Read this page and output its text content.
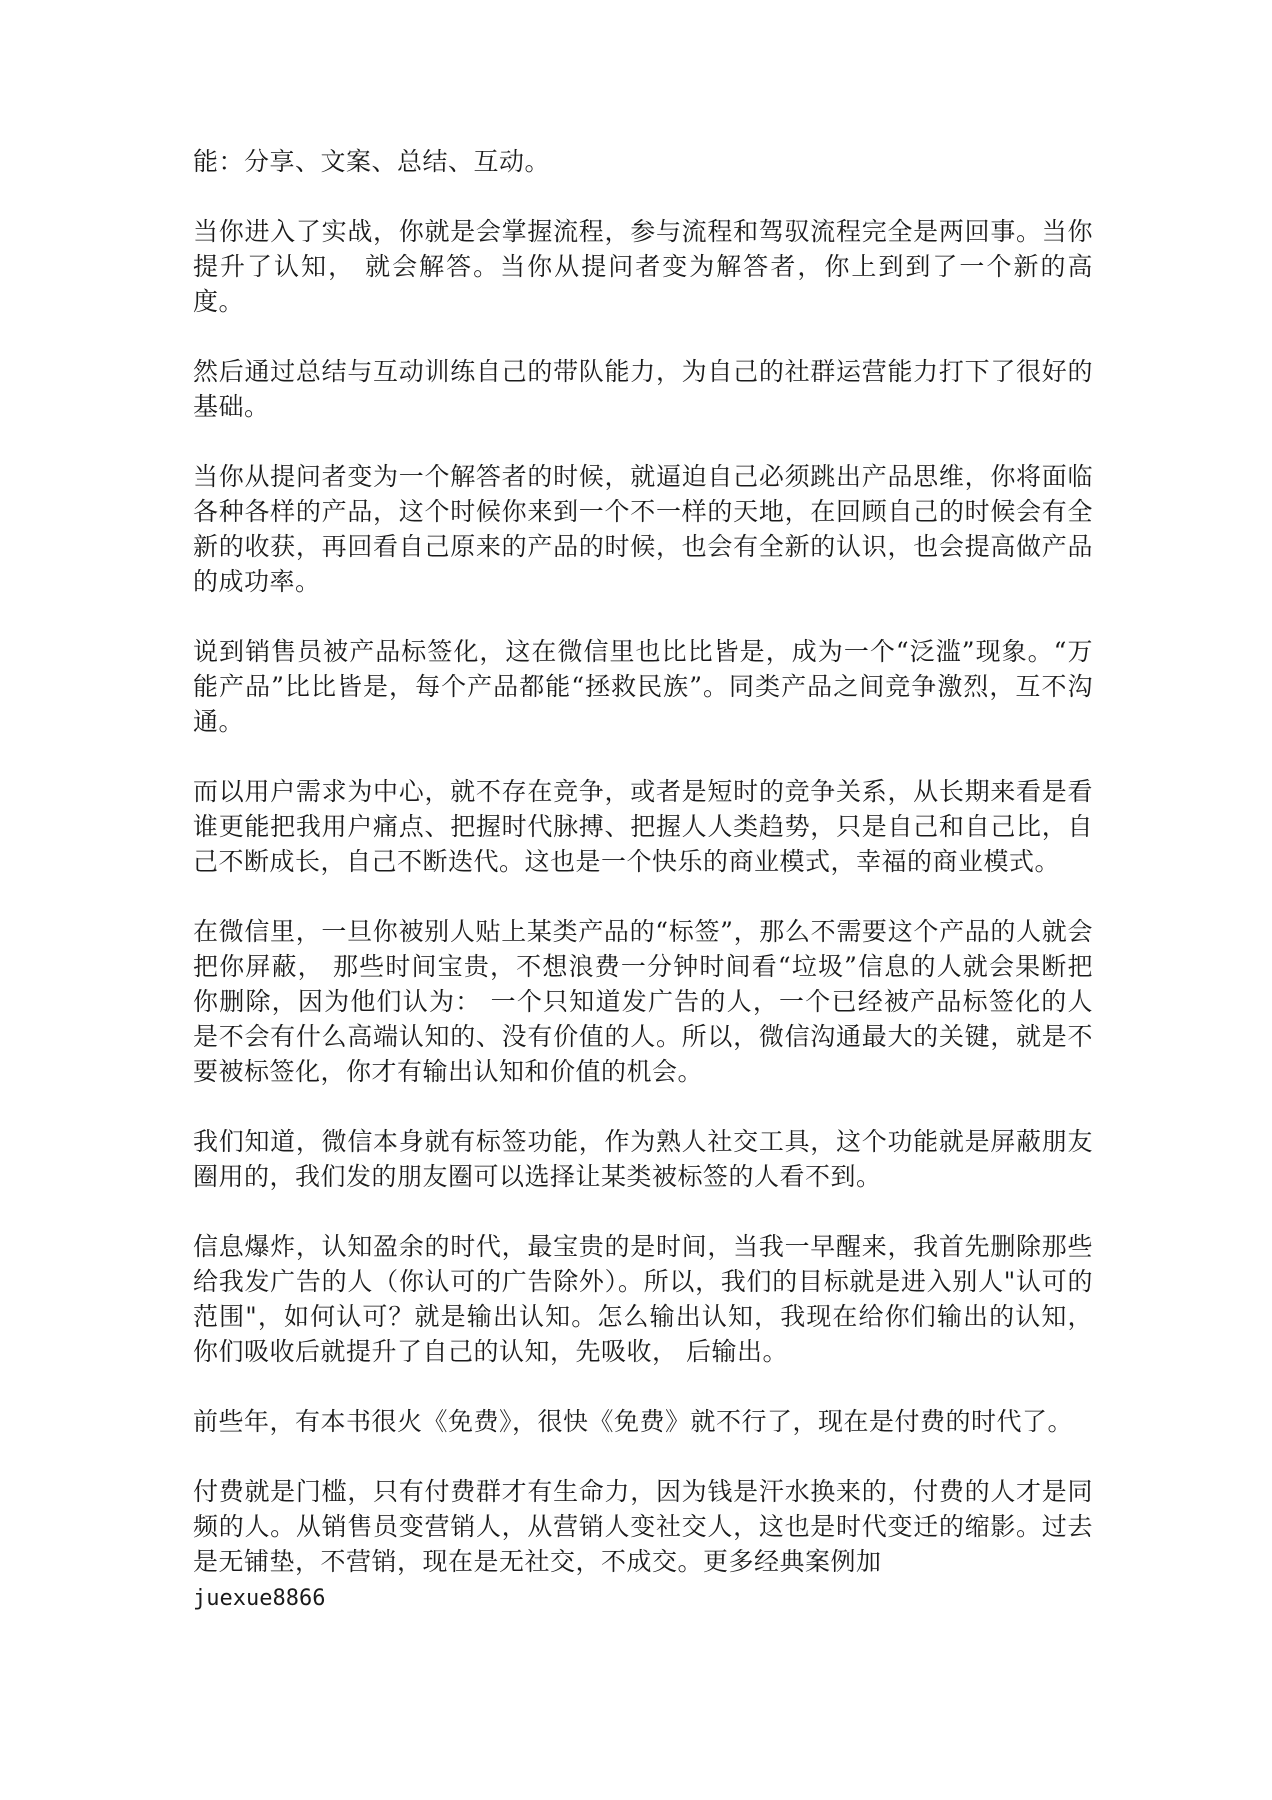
能：分享、文案、总结、互动。

当你进入了实战，你就是会掌握流程，参与流程和驾驭流程完全是两回事。当你提升了认知， 就会解答。当你从提问者变为解答者，你上到到了一个新的高度。

然后通过总结与互动训练自己的带队能力，为自己的社群运营能力打下了很好的基础。

当你从提问者变为一个解答者的时候，就逼迫自己必须跳出产品思维，你将面临各种各样的产品，这个时候你来到一个不一样的天地，在回顾自己的时候会有全新的收获，再回看自己原来的产品的时候，也会有全新的认识，也会提高做产品的成功率。

说到销售员被产品标签化，这在微信里也比比皆是，成为一个“泛滥”现象。“万能产品”比比皆是，每个产品都能“拯救民族”。同类产品之间竞争激烈，互不沟通。

而以用户需求为中心，就不存在竞争，或者是短时的竞争关系，从长期来看是看谁更能把我用户痛点、把握时代脉搏、把握人人类趋势，只是自己和自己比，自己不断成长，自己不断迭代。这也是一个快乐的商业模式，幸福的商业模式。

在微信里，一旦你被别人贴上某类产品的“标签”，那么不需要这个产品的人就会把你屏蔽， 那些时间宝贵，不想浪费一分钟时间看“垃圾”信息的人就会果断把你删除，因为他们认为： 一个只知道发广告的人，一个已经被产品标签化的人是不会有什么高端认知的、没有价值的人。所以，微信沟通最大的关键，就是不要被标签化，你才有输出认知和价值的机会。

我们知道，微信本身就有标签功能，作为熟人社交工具，这个功能就是屏蔽朋友圈用的，我们发的朋友圈可以选择让某类被标签的人看不到。

信息爆炸，认知盈余的时代，最宝贵的是时间，当我一早醒来，我首先删除那些给我发广告的人（你认可的广告除外）。所以，我们的目标就是进入别人"认可的范围"，如何认可？就是输出认知。怎么输出认知，我现在给你们输出的认知，你们吸收后就提升了自己的认知，先吸收， 后输出。

前些年，有本书很火《免费》，很快《免费》就不行了，现在是付费的时代了。

付费就是门槛，只有付费群才有生命力，因为钱是汗水换来的，付费的人才是同频的人。从销售员变营销人，从营销人变社交人，这也是时代变迁的缩影。过去是无铺垫，不营销，现在是无社交，不成交。更多经典案例加
juexue8866
